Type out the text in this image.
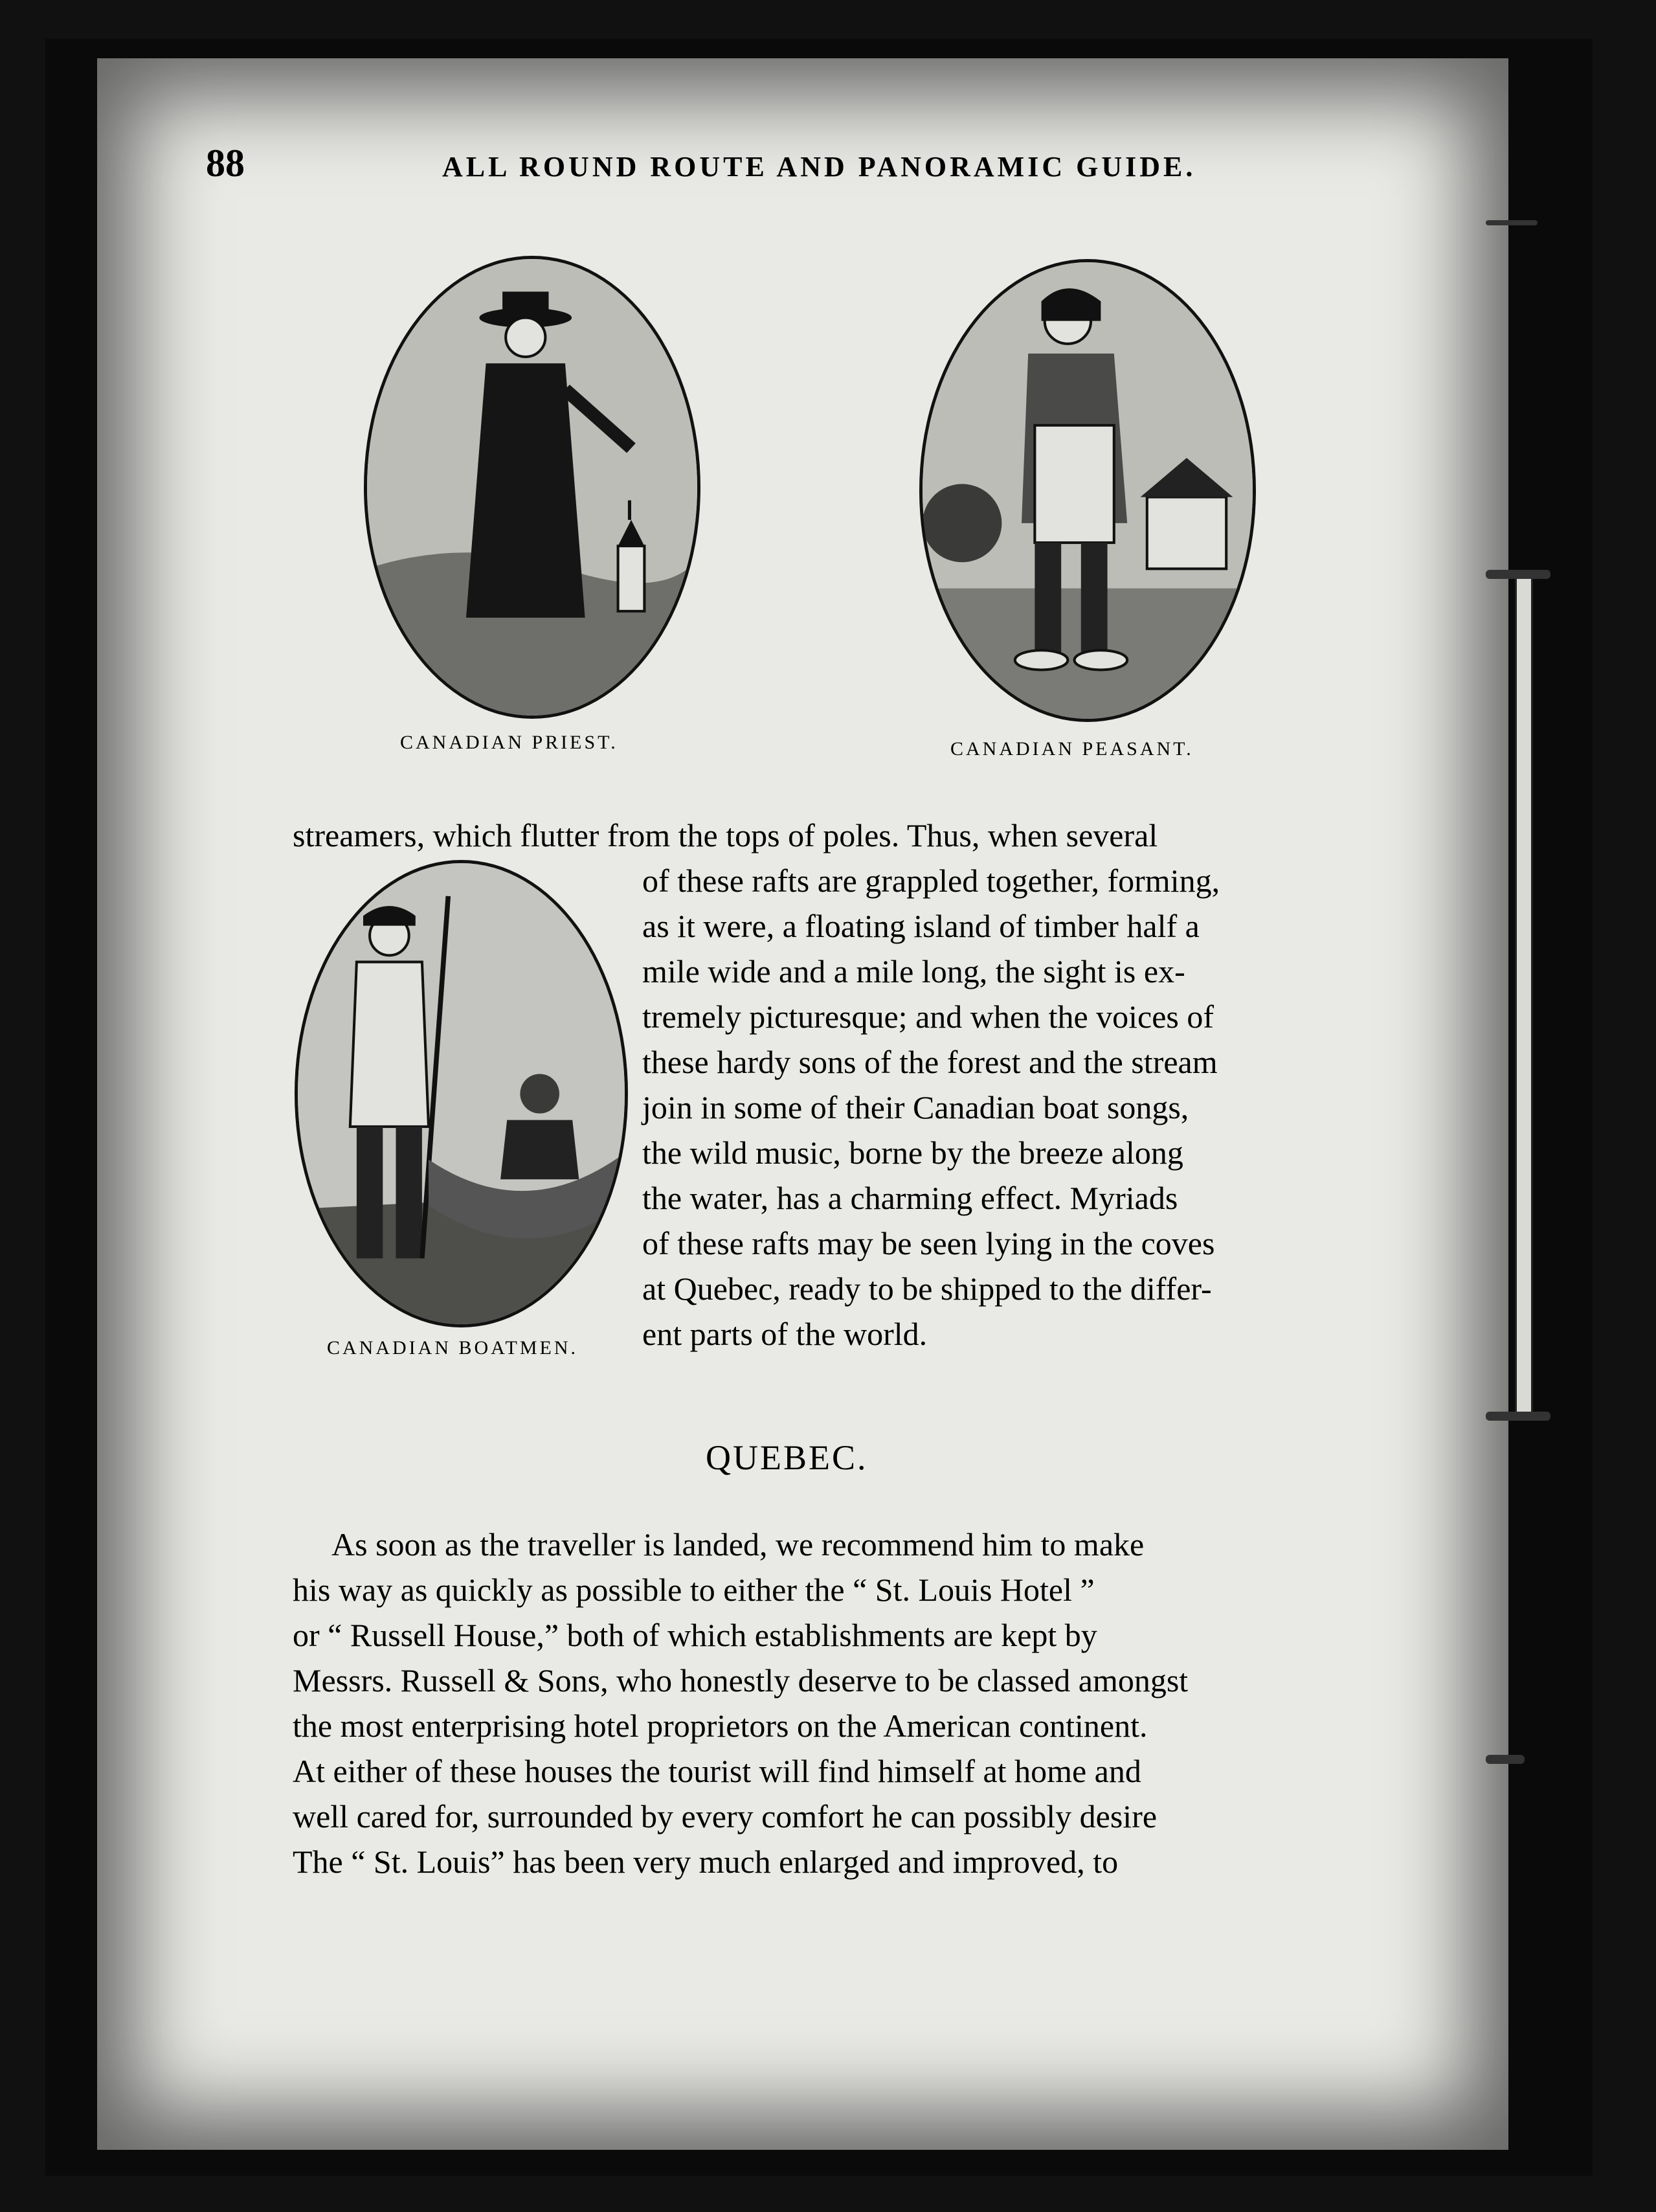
88	ALL ROUND ROUTE AND PANORAMIC GUIDE.
CANADIAN PRIEST.	CANADIAN PEASANT.
CANADIAN BOATMEN.
streamers, which flutter from the tops of poles. Thus, when several
of these rafts are grappled together, forming,
as it were, a floating island of timber half a
mile wide and a mile long, the sight is ex-
tremely picturesque; and when the voices of
these hardy sons of the forest and the stream
join in some of their Canadian boat songs,
the wild music, borne by the breeze along
the water, has a charming effect. Myriads
of these rafts may be seen lying in the coves
at Quebec, ready to be shipped to the differ-
ent parts of the world.
QUEBEC.
As soon as the traveller is landed, we recommend him to make
his way as quickly as possible to either the “ St. Louis Hotel ”
or “ Russell House,” both of which establishments are kept by
Messrs. Russell & Sons, who honestly deserve to be classed amongst
the most enterprising hotel proprietors on the American continent.
At either of these houses the tourist will find himself at home and
well cared for, surrounded by every comfort he can possibly desire
The “ St. Louis” has been very much enlarged and improved, to
